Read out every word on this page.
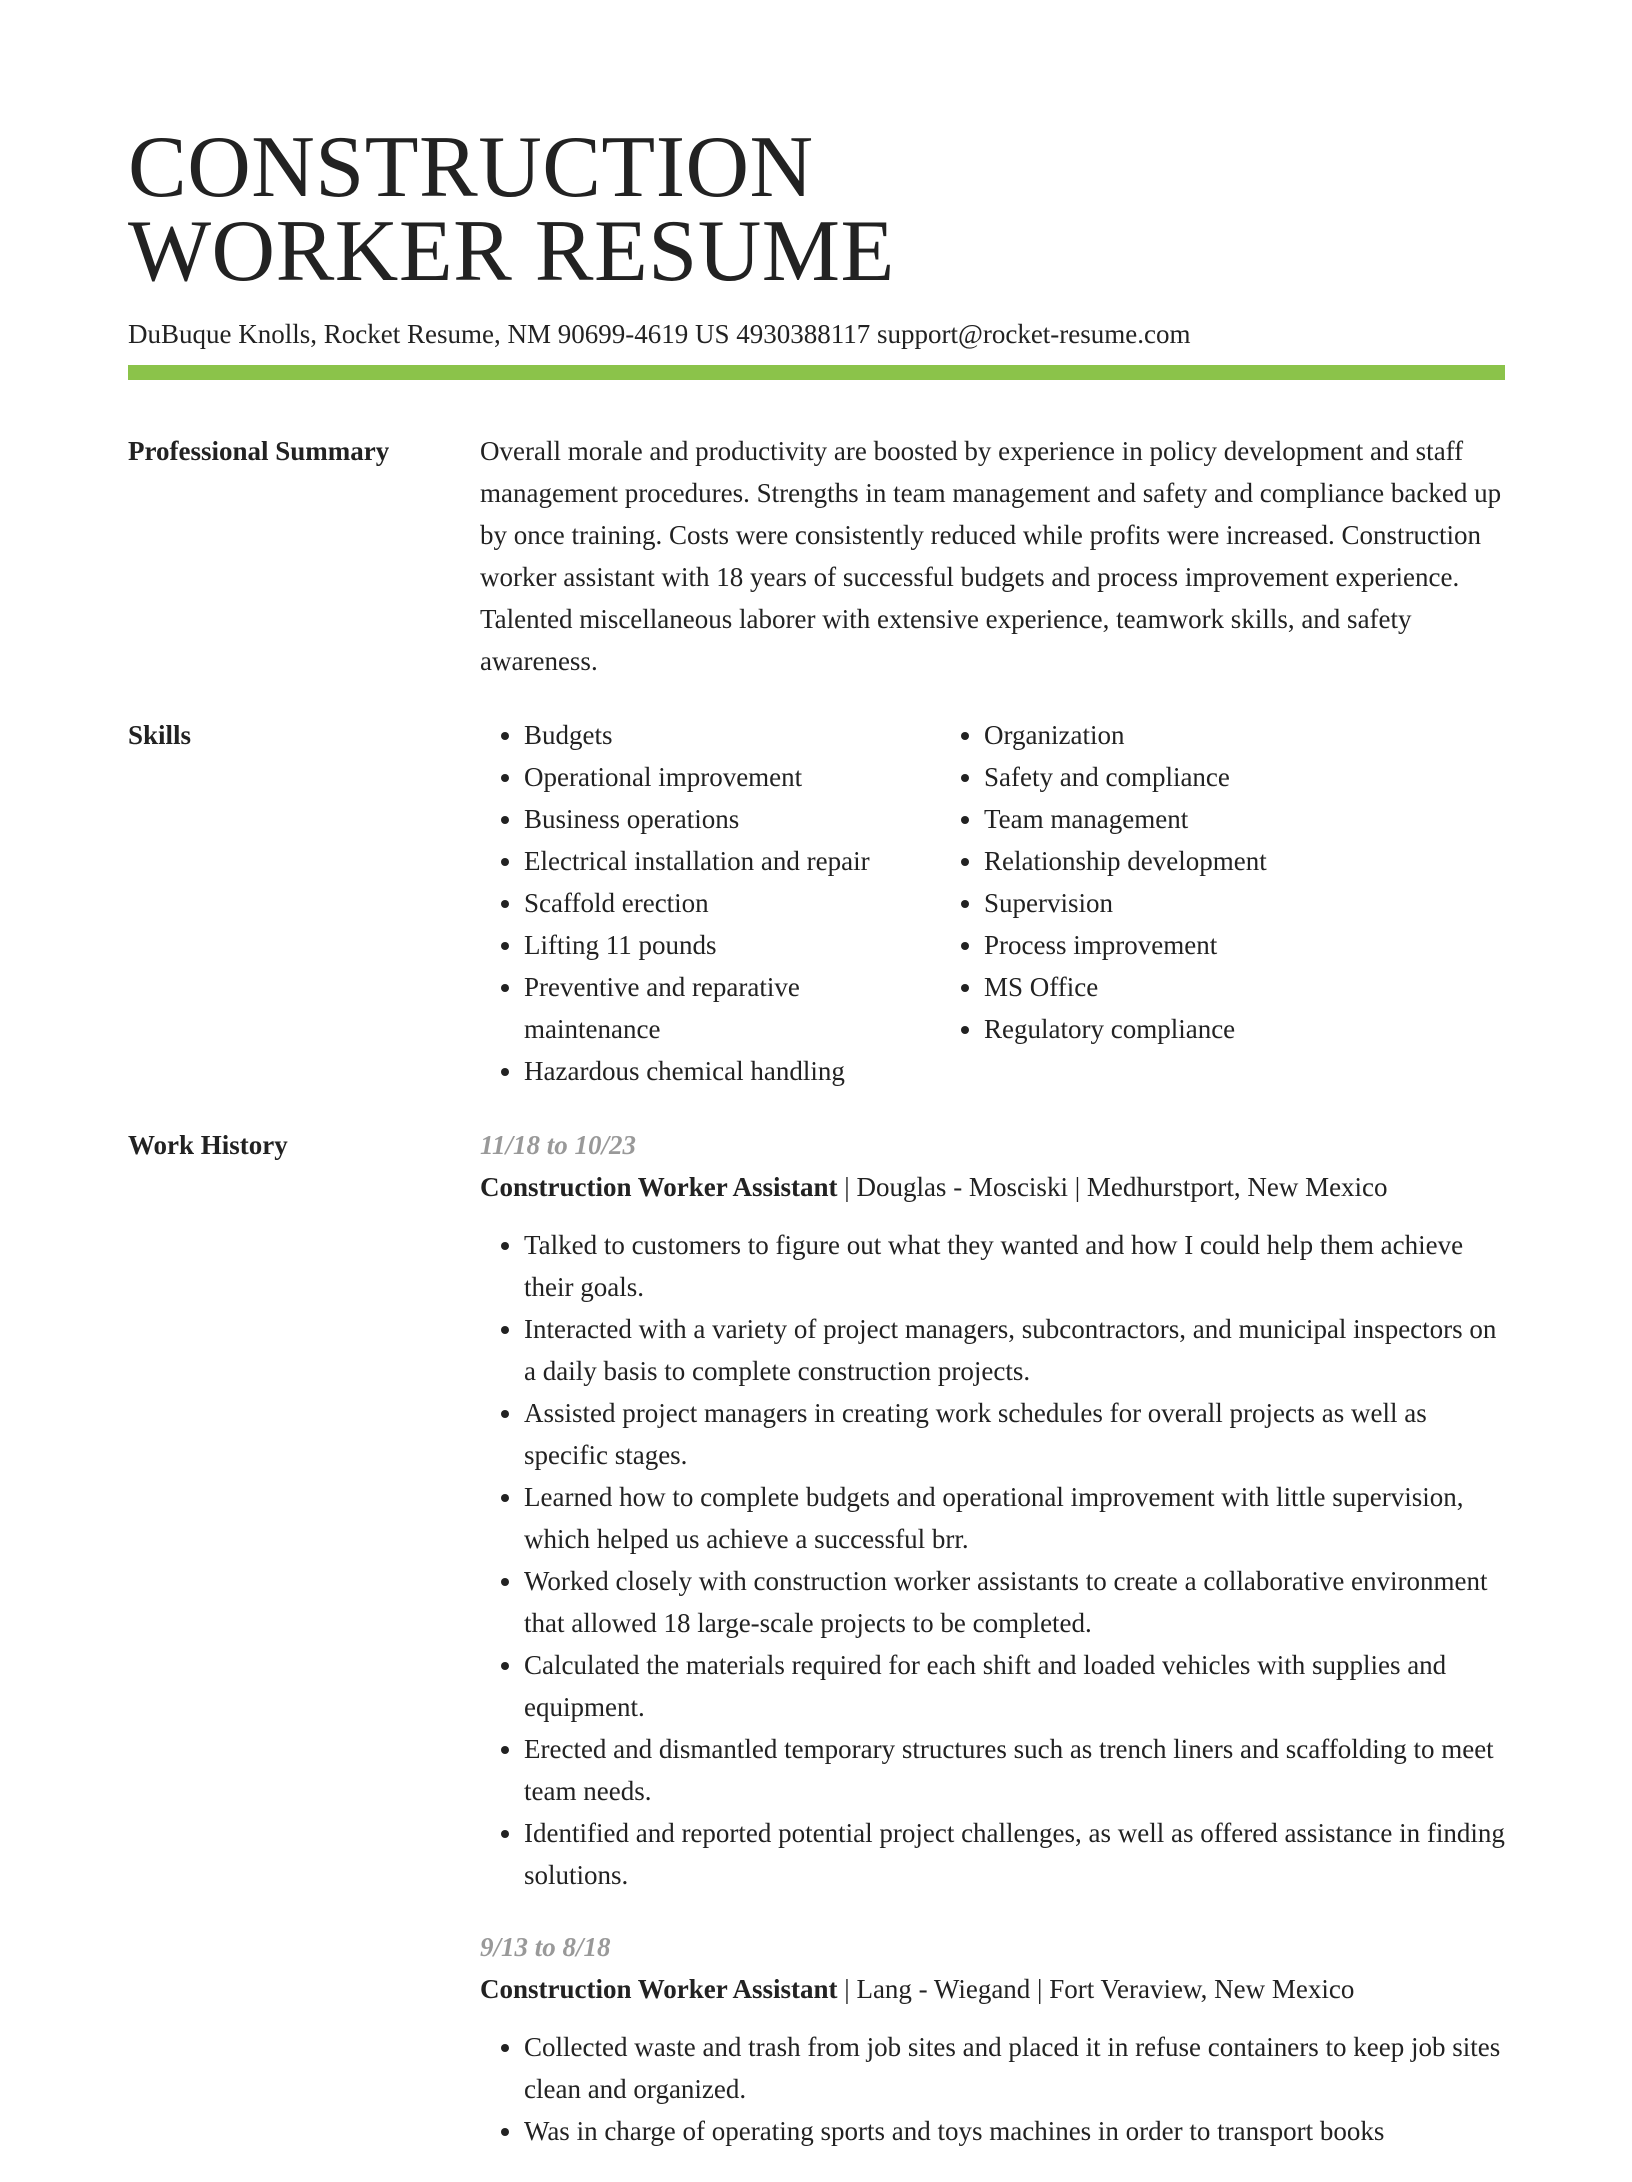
CONSTRUCTION
WORKER RESUME
DuBuque Knolls, Rocket Resume, NM 90699-4619 US 4930388117 support@rocket-resume.com
Professional Summary	Overall morale and productivity are boosted by experience in policy development and staff management procedures. Strengths in team management and safety and compliance backed up by once training. Costs were consistently reduced while profits were increased. Construction worker assistant with 18 years of successful budgets and process improvement experience. Talented miscellaneous laborer with extensive experience, teamwork skills, and safety awareness.
Skills
•	Budgets
• Operational improvement
• Business operations
• Electrical installation and repair
• Scaffold erection
• Lifting 11 pounds
• Preventive and reparative maintenance
• Hazardous chemical handling
• Organization
• Safety and compliance
• Team management
• Relationship development
• Supervision
• Process improvement
• MS Office
• Regulatory compliance
Work History	11/18 to 10/23
Construction Worker Assistant | Douglas - Mosciski | Medhurstport, New Mexico
• Talked to customers to figure out what they wanted and how I could help them achieve their goals.
• Interacted with a variety of project managers, subcontractors, and municipal inspectors on a daily basis to complete construction projects.
• Assisted project managers in creating work schedules for overall projects as well as specific stages.
• Learned how to complete budgets and operational improvement with little supervision, which helped us achieve a successful brr.
• Worked closely with construction worker assistants to create a collaborative environment that allowed 18 large-scale projects to be completed.
• Calculated the materials required for each shift and loaded vehicles with supplies and equipment.
• Erected and dismantled temporary structures such as trench liners and scaffolding to meet team needs.
• Identified and reported potential project challenges, as well as offered assistance in finding solutions.
9/13 to 8/18
Construction Worker Assistant | Lang - Wiegand | Fort Veraview, New Mexico
• Collected waste and trash from job sites and placed it in refuse containers to keep job sites clean and organized.
• Was in charge of operating sports and toys machines in order to transport books
